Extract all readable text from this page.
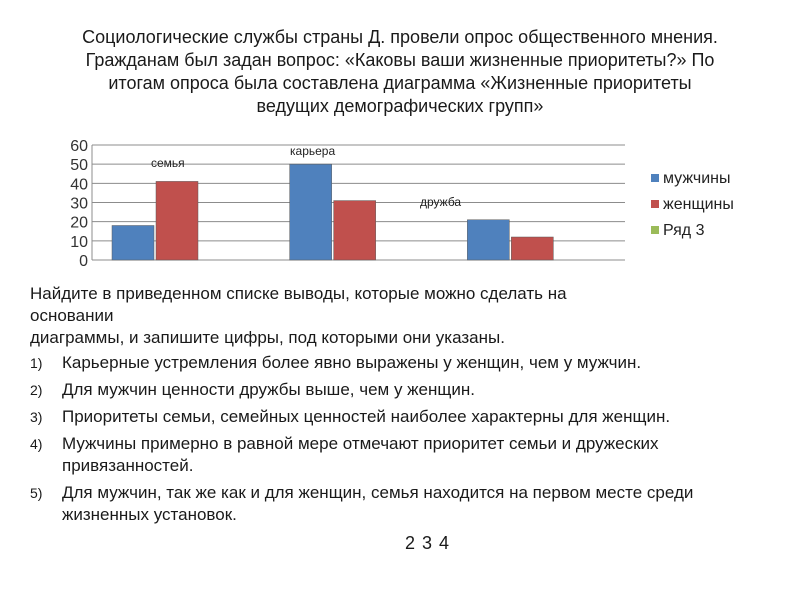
Социологические службы страны Д. провели опрос общественного мнения.

Гражданам был задан вопрос: «Каковы ваши жизненные приоритеты?» По

итогам опроса была составлена диаграмма «Жизненные приоритеты

ведущих демографических групп»

0
10
20
30
40
50
60
семья
карьера
дружба
мужчины
женщины
Ряд 3

Найдите в приведенном списке выводы, которые можно сделать на

основании

диаграммы, и запишите цифры, под которыми они указаны.

1) Карьерные устремления более явно выражены у женщин, чем у мужчин.
2) Для мужчин ценности дружбы выше, чем у женщин.
3) Приоритеты семьи, семейных ценностей наиболее характерны для женщин.
4) Мужчины примерно в равной мере отмечают приоритет семьи и дружеских привязанностей.
5) Для мужчин, так же как и для женщин, семья находится на первом месте среди жизненных установок.
2 3 4
